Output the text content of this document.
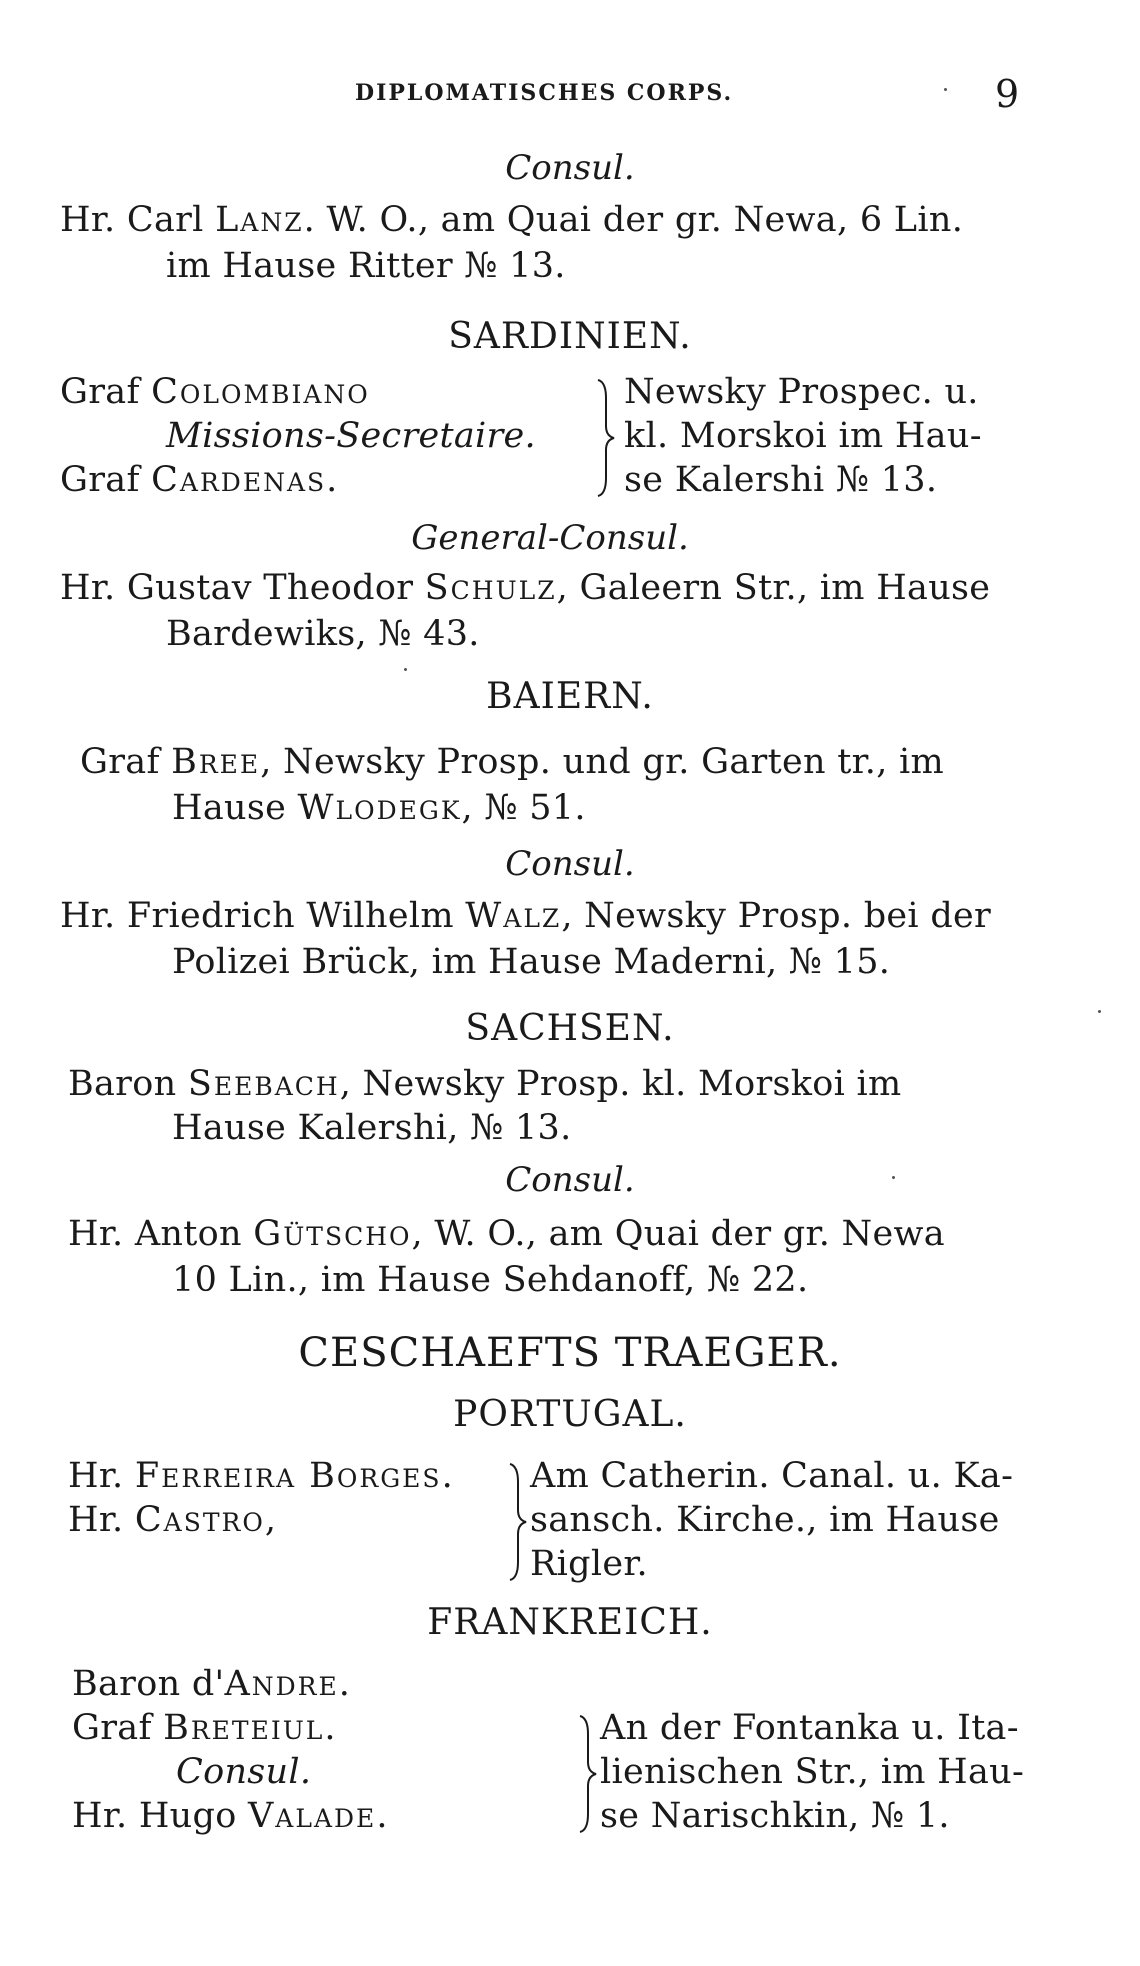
DIPLOMATISCHES CORPS.	9
Consul.
Hr. Carl Lanz. W. O., am Quai der gr. Newa, 6 Lin.
im Hause Ritter № 13.
SARDINIEN.
Graf Colombiano
Missions-Secretaire.
Graf Cardenas.
Newsky Prospec. u.
kl. Morskoi im Hau-
se Kalershi № 13.
General-Consul.
Hr. Gustav Theodor Schulz, Galeern Str., im Hause
Bardewiks, № 43.
BAIERN.
Graf Bree, Newsky Prosp. und gr. Garten tr., im
Hause Wlodegk, № 51.
Consul.
Hr. Friedrich Wilhelm Walz, Newsky Prosp. bei der
Polizei Brück, im Hause Maderni, № 15.
SACHSEN.
Baron Seebach, Newsky Prosp. kl. Morskoi im
Hause Kalershi, № 13.
Consul.
Hr. Anton Gütscho, W. O., am Quai der gr. Newa
10 Lin., im Hause Sehdanoff, № 22.
CESCHAEFTS TRAEGER.
PORTUGAL.
Hr. Ferreira Borges.
Hr. Castro,
Am Catherin. Canal. u. Ka-
sansch. Kirche., im Hause
Rigler.
FRANKREICH.
Baron d'Andre.
Graf Breteiul.
Consul.
Hr. Hugo Valade.
An der Fontanka u. Ita-
lienischen Str., im Hau-
se Narischkin, № 1.
